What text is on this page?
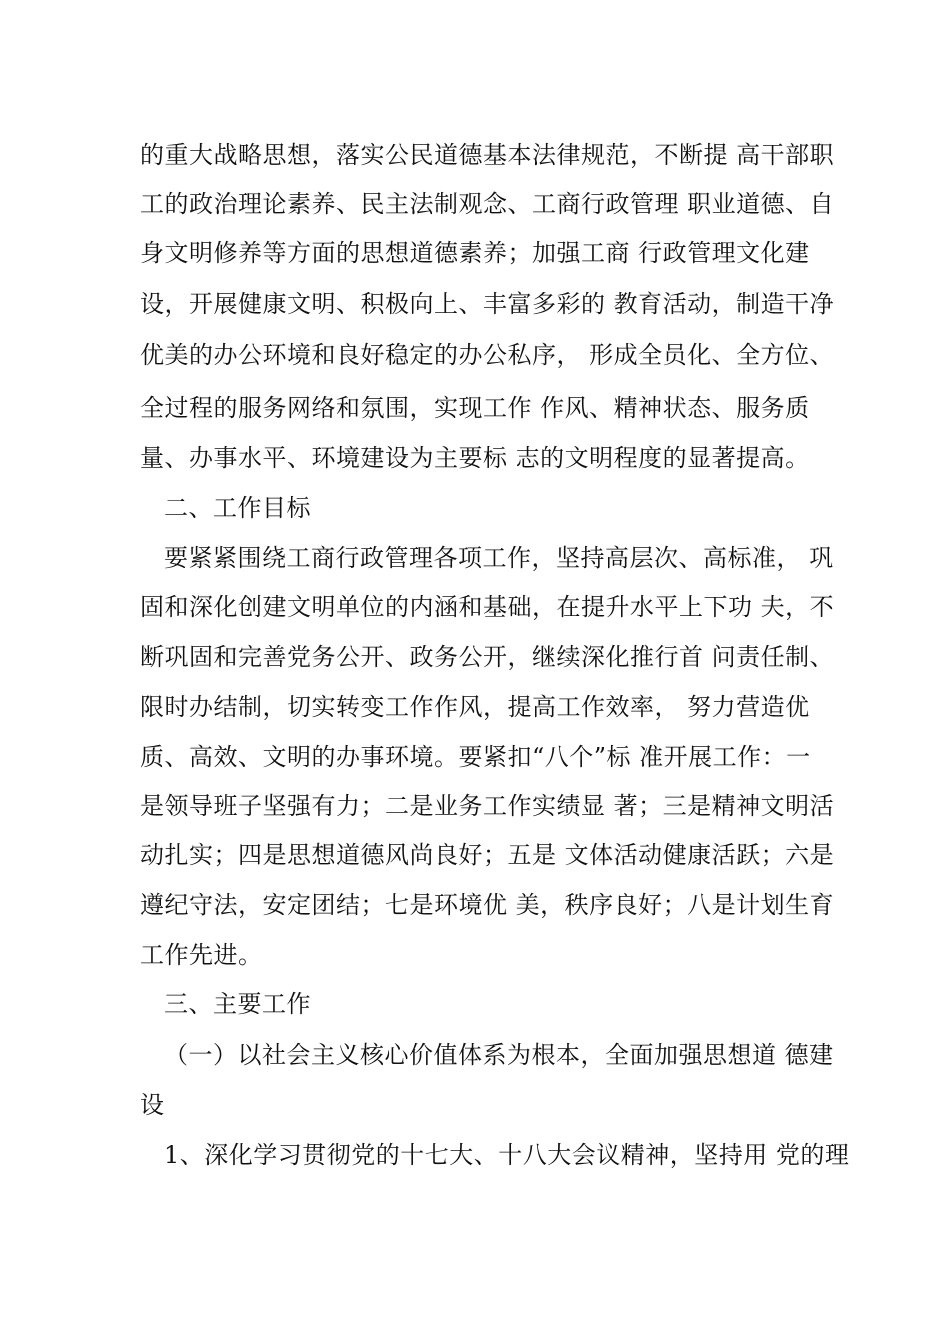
的重大战略思想，落实公民道德基本法律规范，不断提 高干部职
工的政治理论素养、民主法制观念、工商行政管理 职业道德、自
身文明修养等方面的思想道德素养；加强工商 行政管理文化建
设，开展健康文明、积极向上、丰富多彩的 教育活动，制造干净
优美的办公环境和良好稳定的办公私序， 形成全员化、全方位、
全过程的服务网络和氛围，实现工作 作风、精神状态、服务质
量、办事水平、环境建设为主要标 志的文明程度的显著提高。
二、工作目标
要紧紧围绕工商行政管理各项工作，坚持高层次、高标准， 巩
固和深化创建文明单位的内涵和基础，在提升水平上下功 夫，不
断巩固和完善党务公开、政务公开，继续深化推行首 问责任制、
限时办结制，切实转变工作作风，提高工作效率， 努力营造优
质、高效、文明的办事环境。要紧扣“八个”标 准开展工作：一
是领导班子坚强有力；二是业务工作实绩显 著；三是精神文明活
动扎实；四是思想道德风尚良好；五是 文体活动健康活跃；六是
遵纪守法，安定团结；七是环境优 美，秩序良好；八是计划生育
工作先进。
三、主要工作
（一）以社会主义核心价值体系为根本，全面加强思想道 德建
设
1、深化学习贯彻党的十七大、十八大会议精神，坚持用 党的理
